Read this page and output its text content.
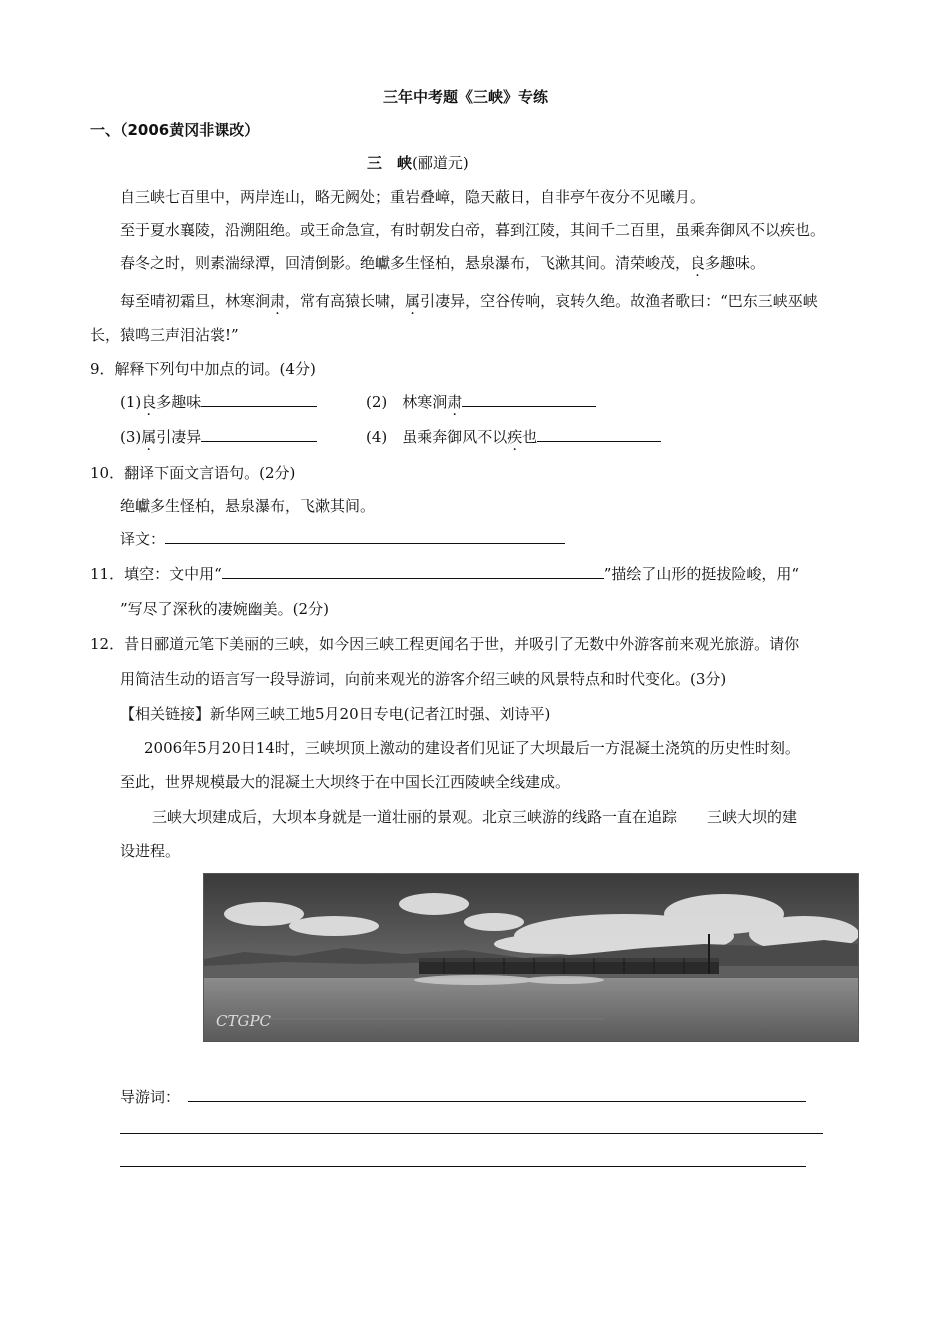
三年中考题《三峡》专练
一、（2006黄冈非课改）
三　峡(郦道元)
自三峡七百里中，两岸连山，略无阙处；重岩叠嶂，隐天蔽日，自非亭午夜分不见曦月。
至于夏水襄陵，沿溯阻绝。或王命急宣，有时朝发白帝，暮到江陵，其间千二百里，虽乘奔御风不以疾也。
春冬之时，则素湍绿潭，回清倒影。绝巘多生怪柏，悬泉瀑布，飞漱其间。清荣峻茂，良多趣味。
每至晴初霜旦，林寒涧肃，常有高猿长啸，属引凄异，空谷传响，哀转久绝。故渔者歌曰：“巴东三峡巫峡
长，猿鸣三声泪沾裳!”
9．解释下列句中加点的词。(4分)
(1)良多趣味	(2)　林寒涧肃
(3)属引凄异	(4)　虽乘奔御风不以疾也
10．翻译下面文言语句。(2分)
绝巘多生怪柏，悬泉瀑布，飞漱其间。
译文：
11．填空：文中用“	”描绘了山形的挺拔险峻，用“
”写尽了深秋的凄婉幽美。(2分)
12．昔日郦道元笔下美丽的三峡，如今因三峡工程更闻名于世，并吸引了无数中外游客前来观光旅游。请你
用简洁生动的语言写一段导游词，向前来观光的游客介绍三峡的风景特点和时代变化。(3分)
【相关链接】新华网三峡工地5月20日专电(记者江时强、刘诗平)
2006年5月20日14时，三峡坝顶上激动的建设者们见证了大坝最后一方混凝土浇筑的历史性时刻。
至此，世界规模最大的混凝土大坝终于在中国长江西陵峡全线建成。
三峡大坝建成后，大坝本身就是一道壮丽的景观。北京三峡游的线路一直在追踪　　三峡大坝的建
设进程。
CTGPC
导游词：
